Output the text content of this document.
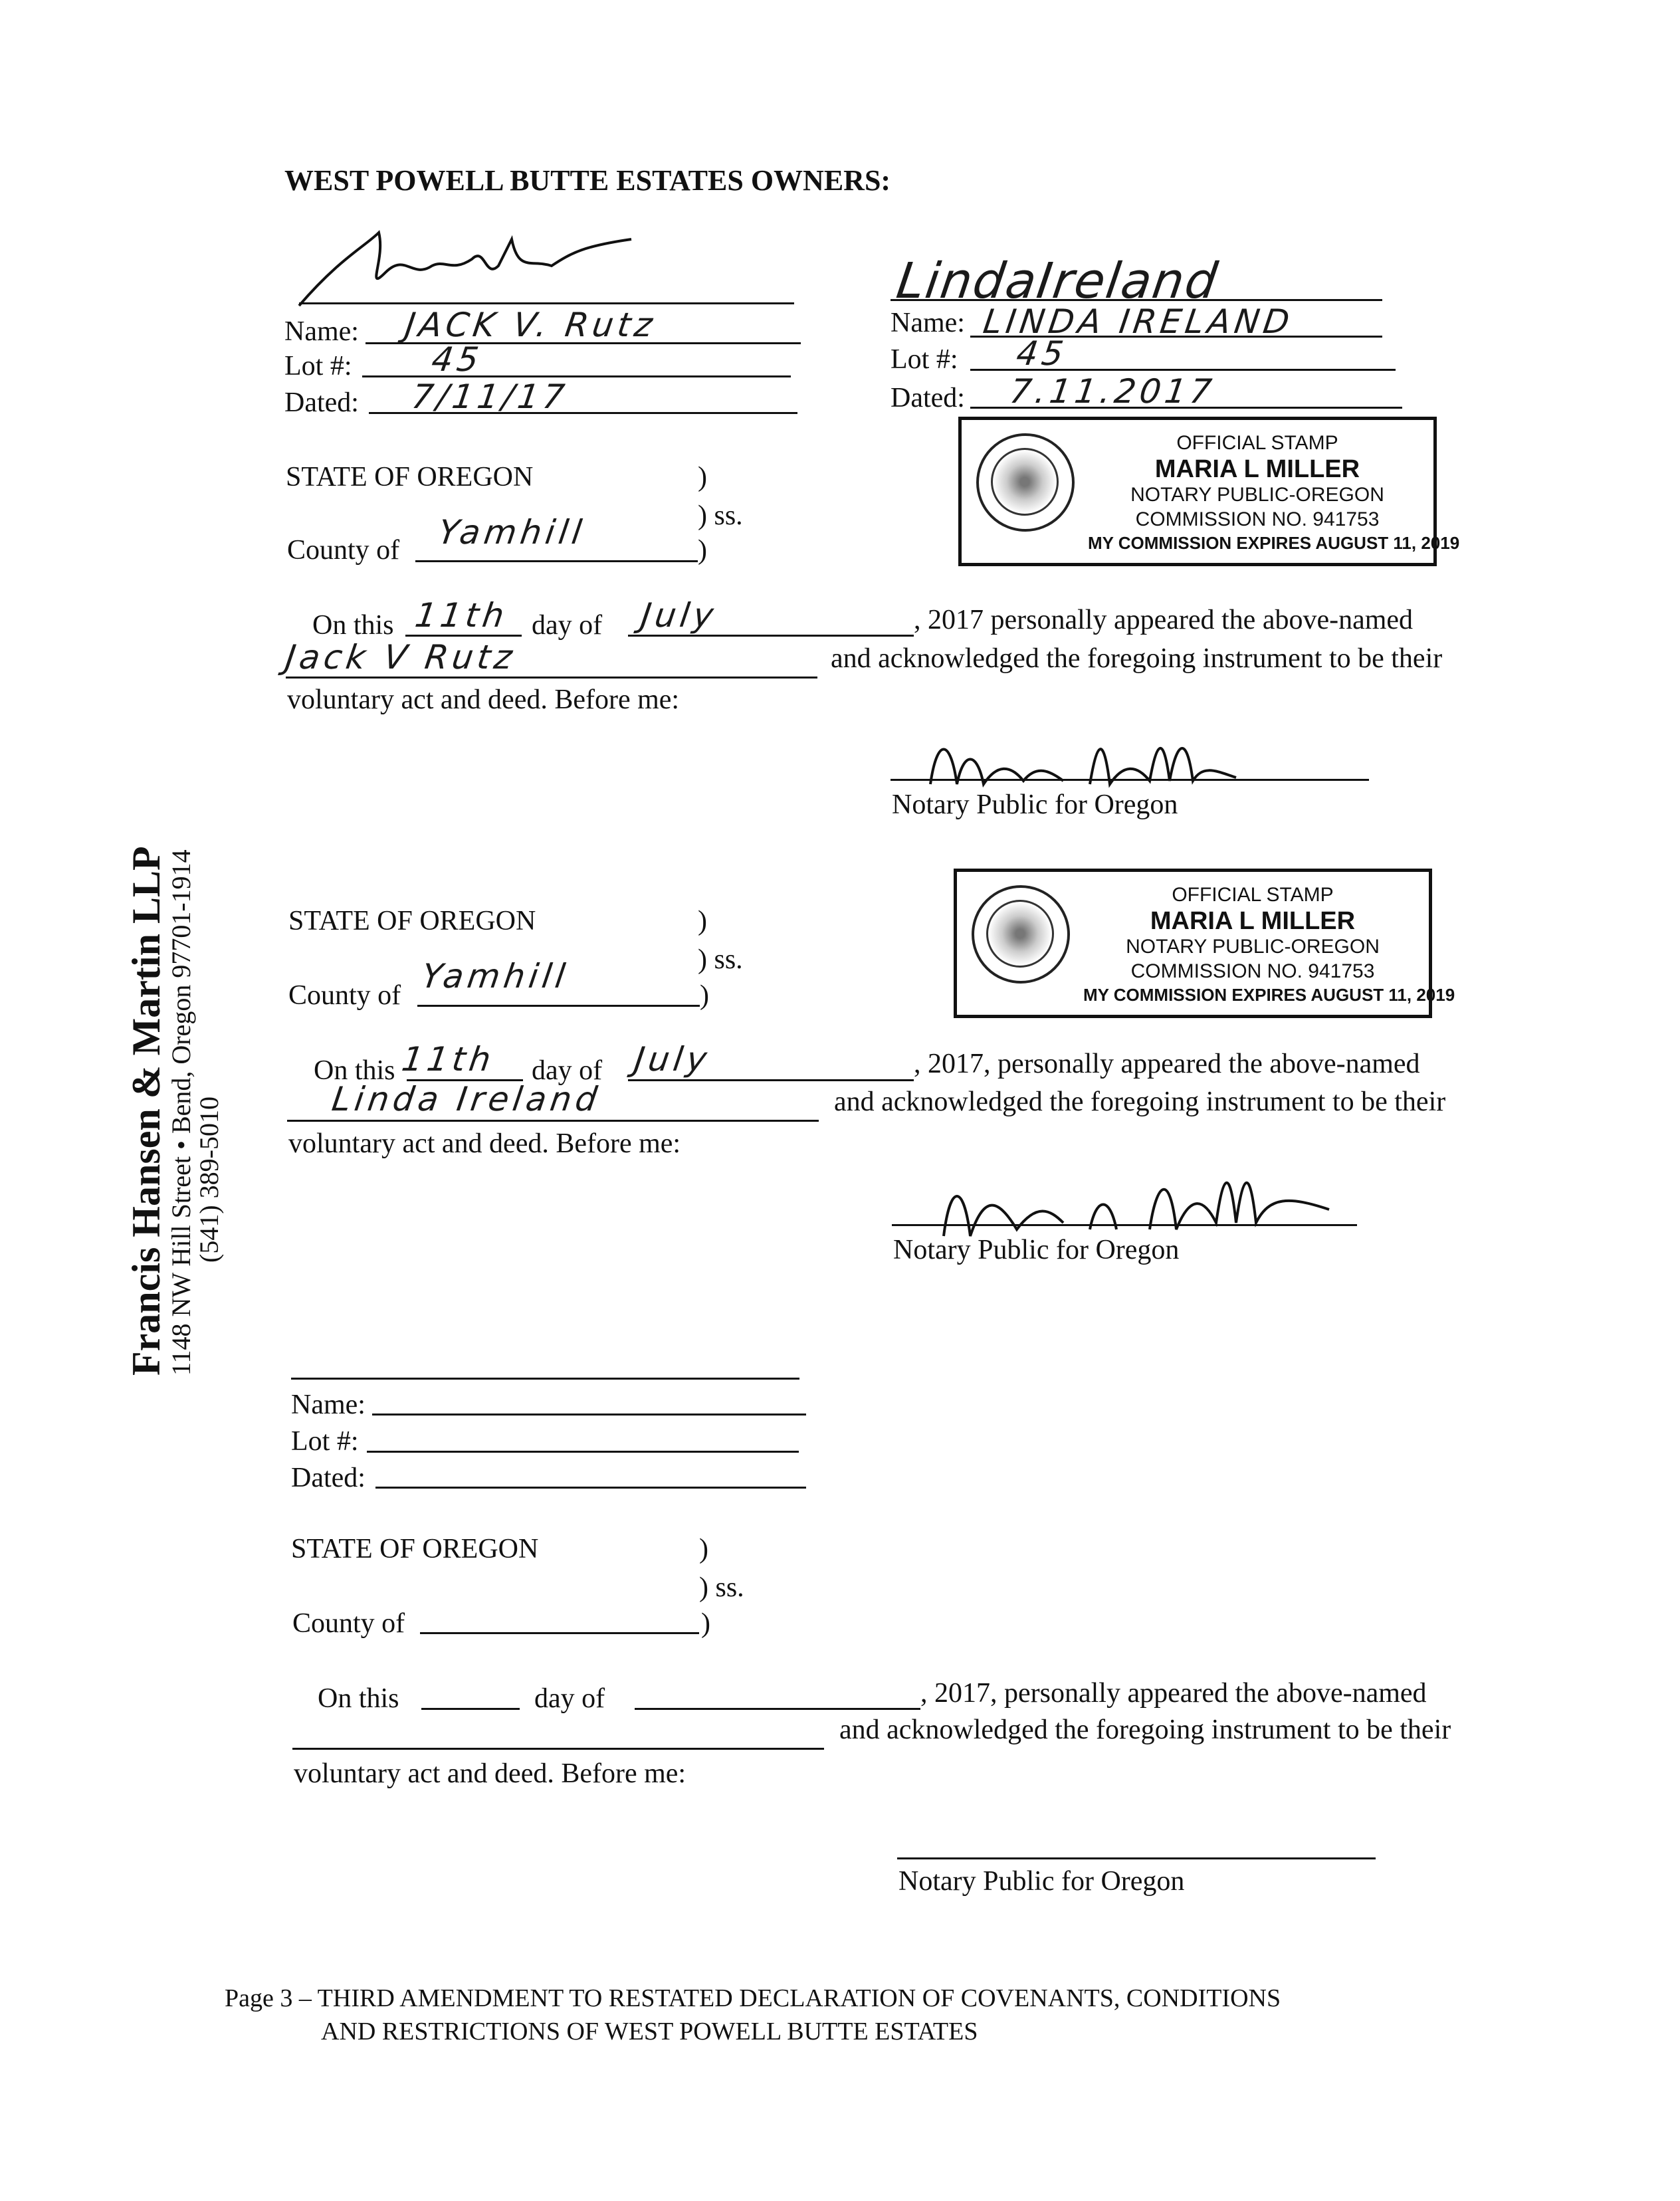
WEST POWELL BUTTE ESTATES OWNERS:
Francis Hansen & Martin LLP
1148 NW Hill Street • Bend, Oregon 97701-1914
(541) 389-5010
Name: JACK V. Rutz
Lot #: 45
Dated: 7/11/17
LindaIreland
Name: LINDA IRELAND
Lot #: 45
Dated: 7.11.2017
STATE OF OREGON	)
) ss.
County of Yamhill	)
OFFICIAL STAMP
MARIA L MILLER
NOTARY PUBLIC-OREGON
COMMISSION NO. 941753
MY COMMISSION EXPIRES AUGUST 11, 2019
On this 11th day of July	, 2017 personally appeared the above-named
Jack V Rutz	and acknowledged the foregoing instrument to be their
voluntary act and deed. Before me:
Notary Public for Oregon
STATE OF OREGON	)
) ss.
County of Yamhill	)
OFFICIAL STAMP
MARIA L MILLER
NOTARY PUBLIC-OREGON
COMMISSION NO. 941753
MY COMMISSION EXPIRES AUGUST 11, 2019
On this 11th day of July	, 2017, personally appeared the above-named
Linda Ireland	and acknowledged the foregoing instrument to be their
voluntary act and deed. Before me:
Notary Public for Oregon
Name:
Lot #:
Dated:
STATE OF OREGON	)
) ss.
County of	)
On this	day of	, 2017, personally appeared the above-named
and acknowledged the foregoing instrument to be their
voluntary act and deed. Before me:
Notary Public for Oregon
Page 3 – THIRD AMENDMENT TO RESTATED DECLARATION OF COVENANTS, CONDITIONS
AND RESTRICTIONS OF WEST POWELL BUTTE ESTATES
